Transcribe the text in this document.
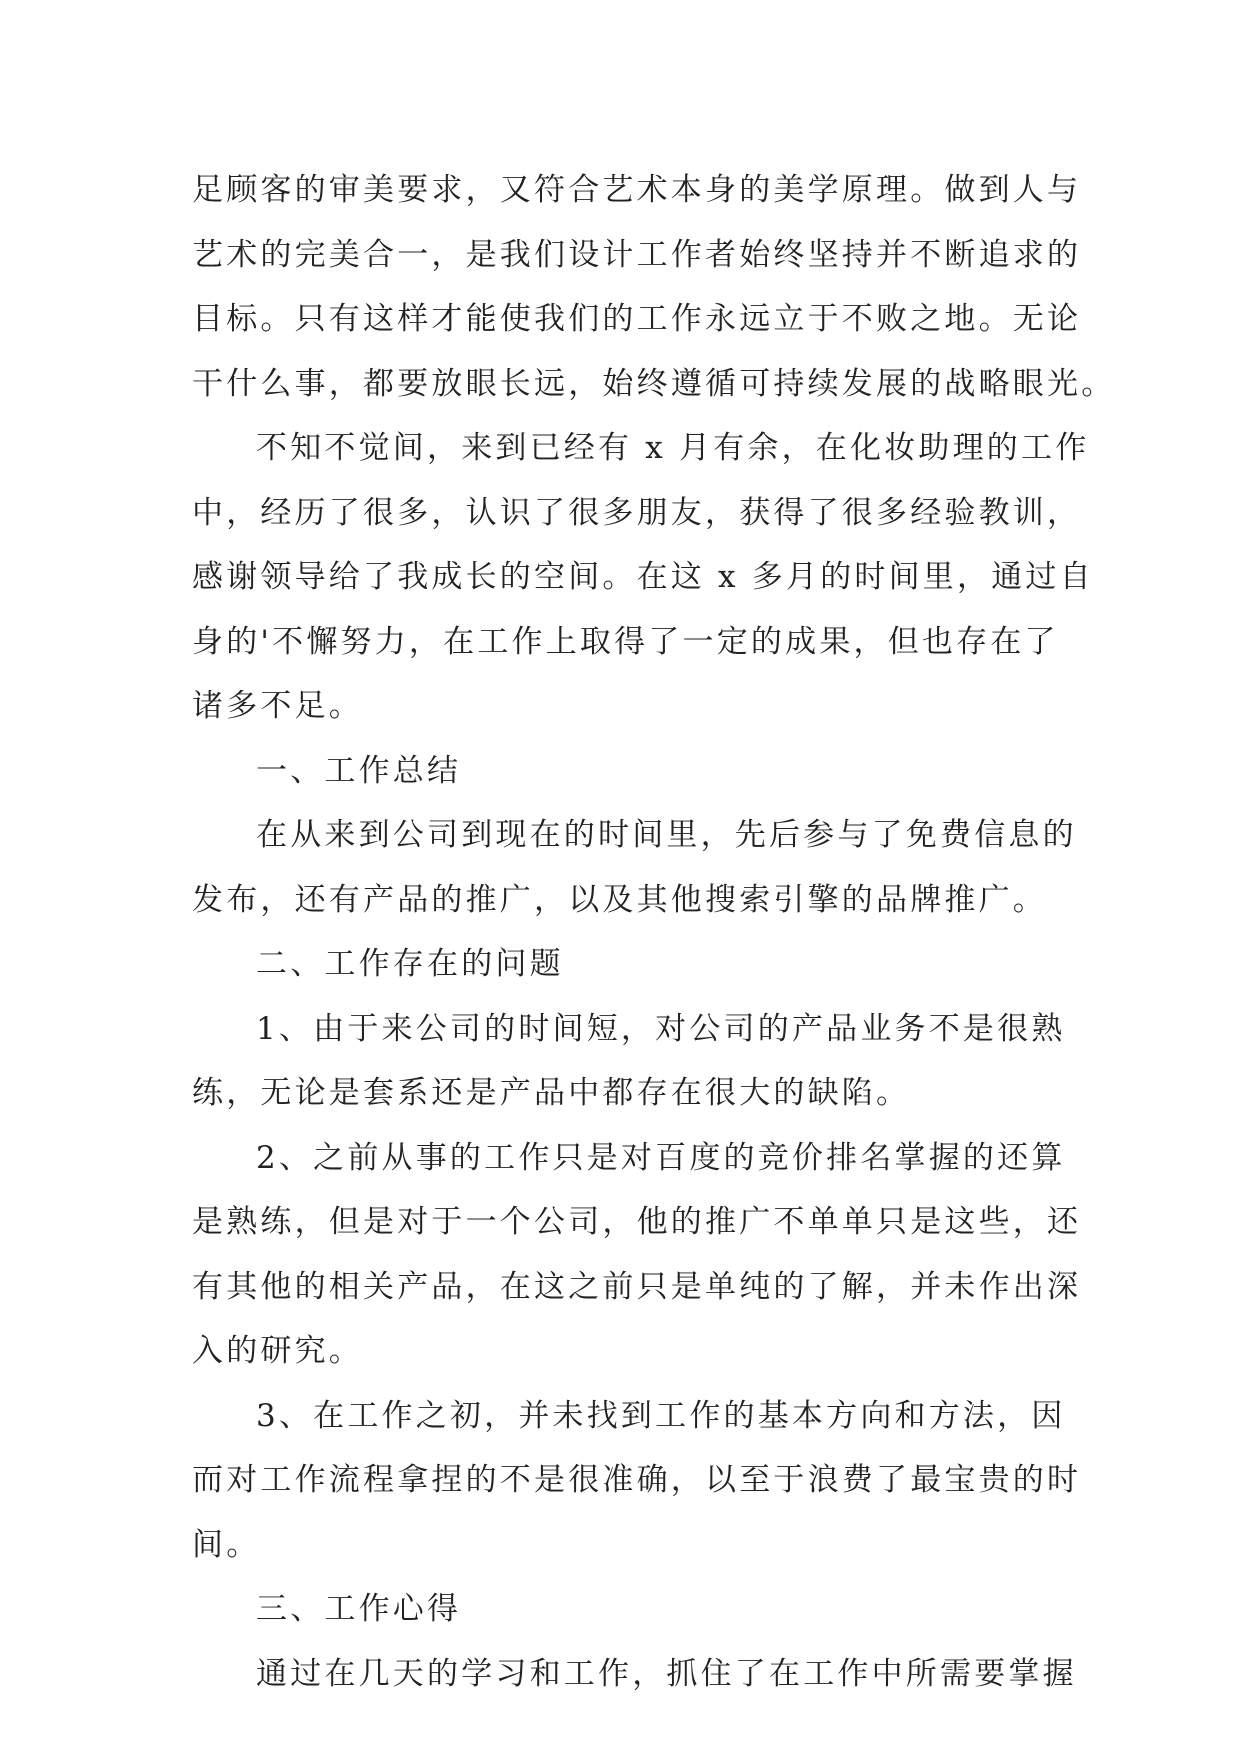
足顾客的审美要求，又符合艺术本身的美学原理。做到人与
艺术的完美合一，是我们设计工作者始终坚持并不断追求的
目标。只有这样才能使我们的工作永远立于不败之地。无论
干什么事，都要放眼长远，始终遵循可持续发展的战略眼光。
不知不觉间，来到已经有 x 月有余，在化妆助理的工作
中，经历了很多，认识了很多朋友，获得了很多经验教训，
感谢领导给了我成长的空间。在这 x 多月的时间里，通过自
身的'不懈努力，在工作上取得了一定的成果，但也存在了
诸多不足。
一、工作总结
在从来到公司到现在的时间里，先后参与了免费信息的
发布，还有产品的推广，以及其他搜索引擎的品牌推广。
二、工作存在的问题
1、由于来公司的时间短，对公司的产品业务不是很熟
练，无论是套系还是产品中都存在很大的缺陷。
2、之前从事的工作只是对百度的竞价排名掌握的还算
是熟练，但是对于一个公司，他的推广不单单只是这些，还
有其他的相关产品，在这之前只是单纯的了解，并未作出深
入的研究。
3、在工作之初，并未找到工作的基本方向和方法，因
而对工作流程拿捏的不是很准确，以至于浪费了最宝贵的时
间。
三、工作心得
通过在几天的学习和工作，抓住了在工作中所需要掌握
